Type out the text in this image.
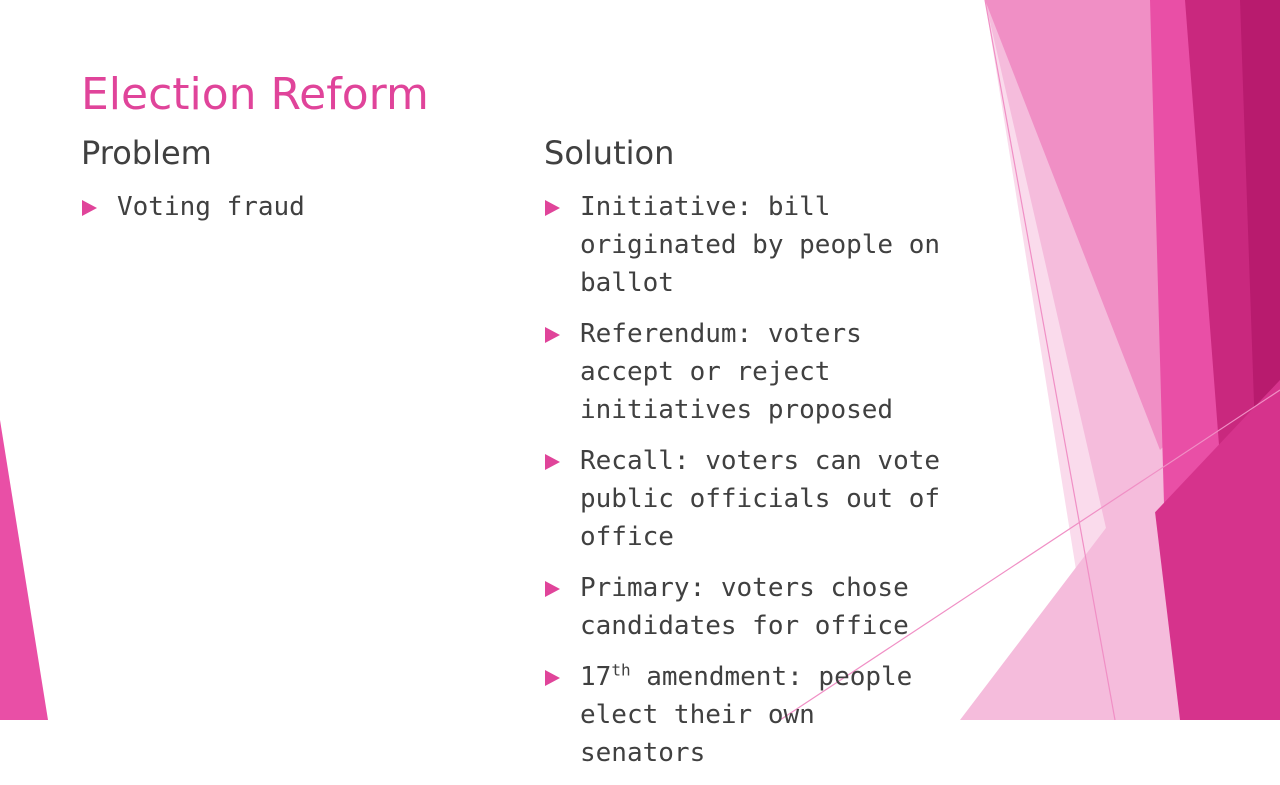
Election Reform
Problem
Voting fraud
Solution
Initiative: bill originated by people on ballot
Referendum: voters accept or reject initiatives proposed
Recall: voters can vote public officials out of office
Primary: voters chose candidates for office
17th amendment: people elect their own senators
